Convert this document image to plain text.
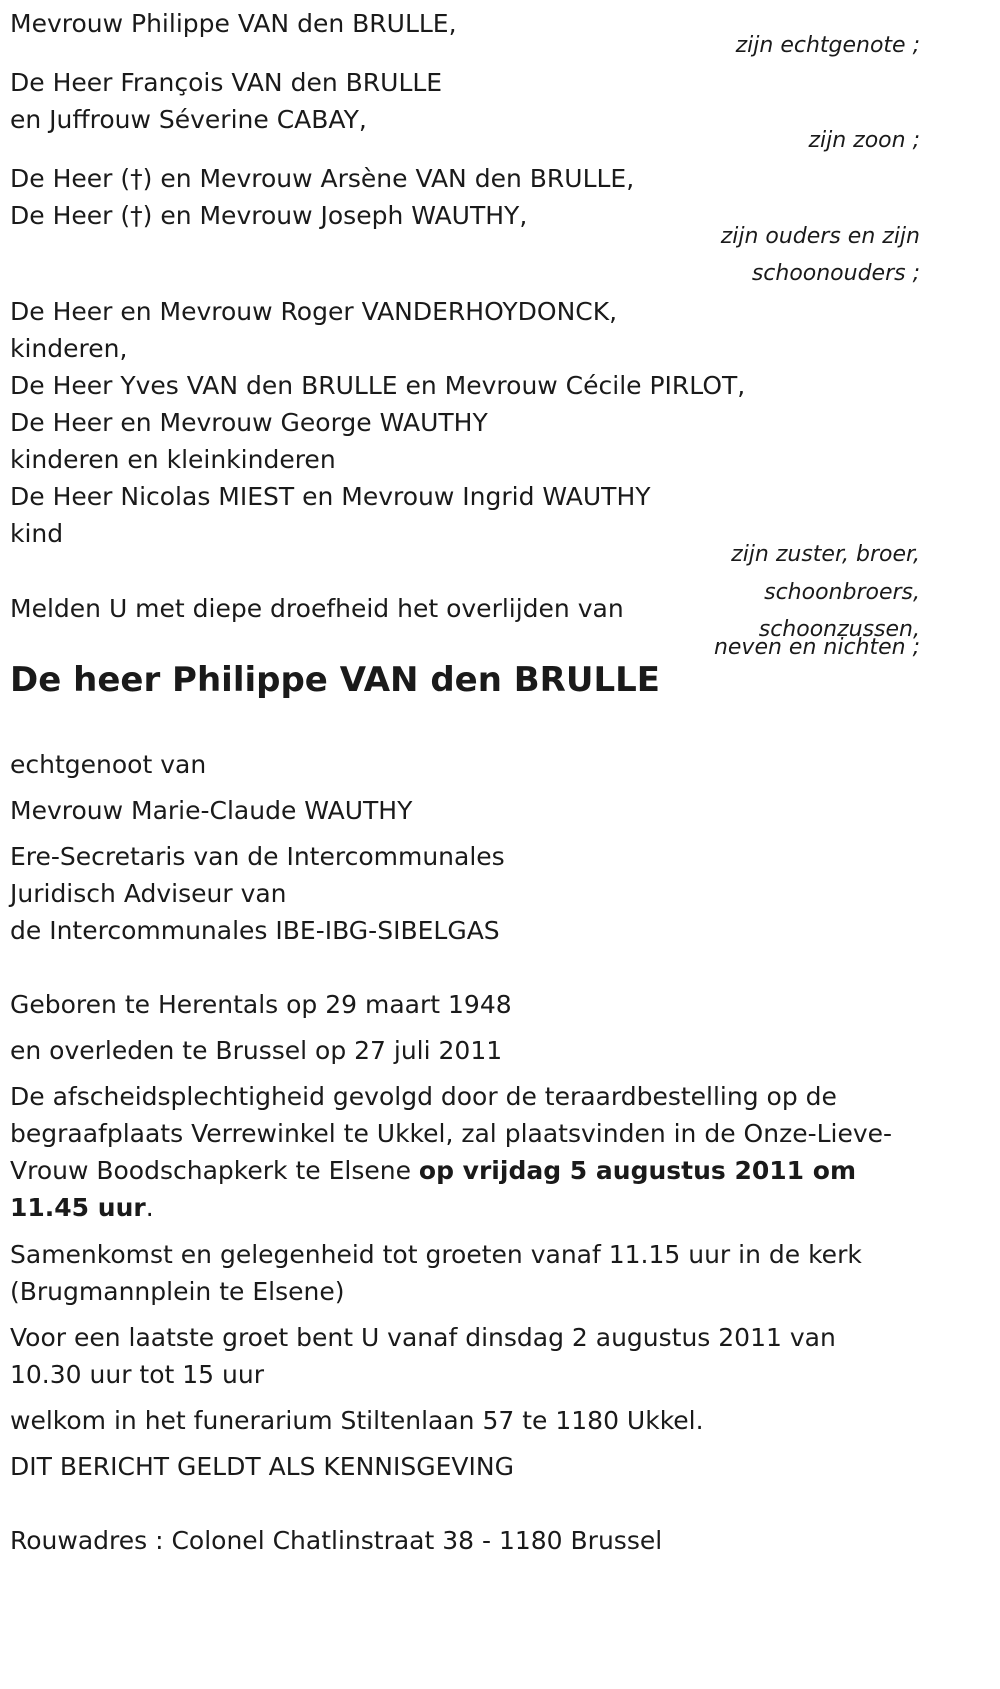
Mevrouw Philippe VAN den BRULLE,
zijn echtgenote ;
De Heer François VAN den BRULLE
en Juffrouw Séverine CABAY,
zijn zoon ;
De Heer (†) en Mevrouw Arsène VAN den BRULLE,
De Heer (†) en Mevrouw Joseph WAUTHY,
zijn ouders en zijn
schoonouders ;
De Heer en Mevrouw Roger VANDERHOYDONCK,
kinderen,
De Heer Yves VAN den BRULLE en Mevrouw Cécile PIRLOT,
De Heer en Mevrouw George WAUTHY
kinderen en kleinkinderen
De Heer Nicolas MIEST en Mevrouw Ingrid WAUTHY
kind
zijn zuster, broer,
schoonbroers,
schoonzussen,
neven en nichten ;
Melden U met diepe droefheid het overlijden van
De heer Philippe VAN den BRULLE
echtgenoot van
Mevrouw Marie-Claude WAUTHY
Ere-Secretaris van de Intercommunales
Juridisch Adviseur van
de Intercommunales IBE-IBG-SIBELGAS
Geboren te Herentals op 29 maart 1948
en overleden te Brussel op 27 juli 2011
De afscheidsplechtigheid gevolgd door de teraardbestelling op de begraafplaats Verrewinkel te Ukkel, zal plaatsvinden in de Onze-Lieve-Vrouw Boodschapkerk te Elsene op vrijdag 5 augustus 2011 om 11.45 uur.
Samenkomst en gelegenheid tot groeten vanaf 11.15 uur in de kerk (Brugmannplein te Elsene)
Voor een laatste groet bent U vanaf dinsdag 2 augustus 2011 van 10.30 uur tot 15 uur
welkom in het funerarium Stiltenlaan 57 te 1180 Ukkel.
DIT BERICHT GELDT ALS KENNISGEVING
Rouwadres : Colonel Chatlinstraat 38 - 1180 Brussel
